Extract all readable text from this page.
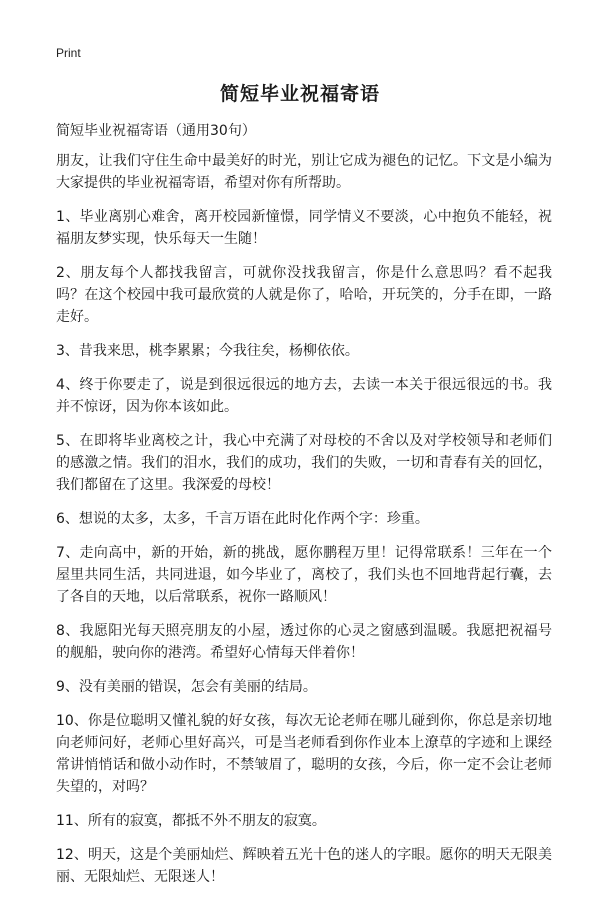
Print
简短毕业祝福寄语

简短毕业祝福寄语（通用30句）

朋友，让我们守住生命中最美好的时光，别让它成为褪色的记忆。下文是小编为大家提供的毕业祝福寄语，希望对你有所帮助。

1、毕业离别心难舍，离开校园新憧憬，同学情义不要淡，心中抱负不能轻，祝福朋友梦实现，快乐每天一生随！

2、朋友每个人都找我留言，可就你没找我留言，你是什么意思吗？看不起我吗？在这个校园中我可最欣赏的人就是你了，哈哈，开玩笑的，分手在即，一路走好。

3、昔我来思，桃李累累；今我往矣，杨柳依依。

4、终于你要走了，说是到很远很远的地方去，去读一本关于很远很远的书。我并不惊讶，因为你本该如此。

5、在即将毕业离校之计，我心中充满了对母校的不舍以及对学校领导和老师们的感激之情。我们的泪水，我们的成功，我们的失败，一切和青春有关的回忆，我们都留在了这里。我深爱的母校！

6、想说的太多，太多，千言万语在此时化作两个字：珍重。

7、走向高中，新的开始，新的挑战，愿你鹏程万里！记得常联系！三年在一个屋里共同生活，共同进退，如今毕业了，离校了，我们头也不回地背起行囊，去了各自的天地，以后常联系，祝你一路顺风！

8、我愿阳光每天照亮朋友的小屋，透过你的心灵之窗感到温暖。我愿把祝福号的舰船，驶向你的港湾。希望好心情每天伴着你！

9、没有美丽的错误，怎会有美丽的结局。

10、你是位聪明又懂礼貌的好女孩，每次无论老师在哪儿碰到你，你总是亲切地向老师问好，老师心里好高兴，可是当老师看到你作业本上潦草的字迹和上课经常讲悄悄话和做小动作时，不禁皱眉了，聪明的女孩，今后，你一定不会让老师失望的，对吗？

11、所有的寂寞，都抵不外不朋友的寂寞。

12、明天，这是个美丽灿烂、辉映着五光十色的迷人的字眼。愿你的明天无限美丽、无限灿烂、无限迷人！
